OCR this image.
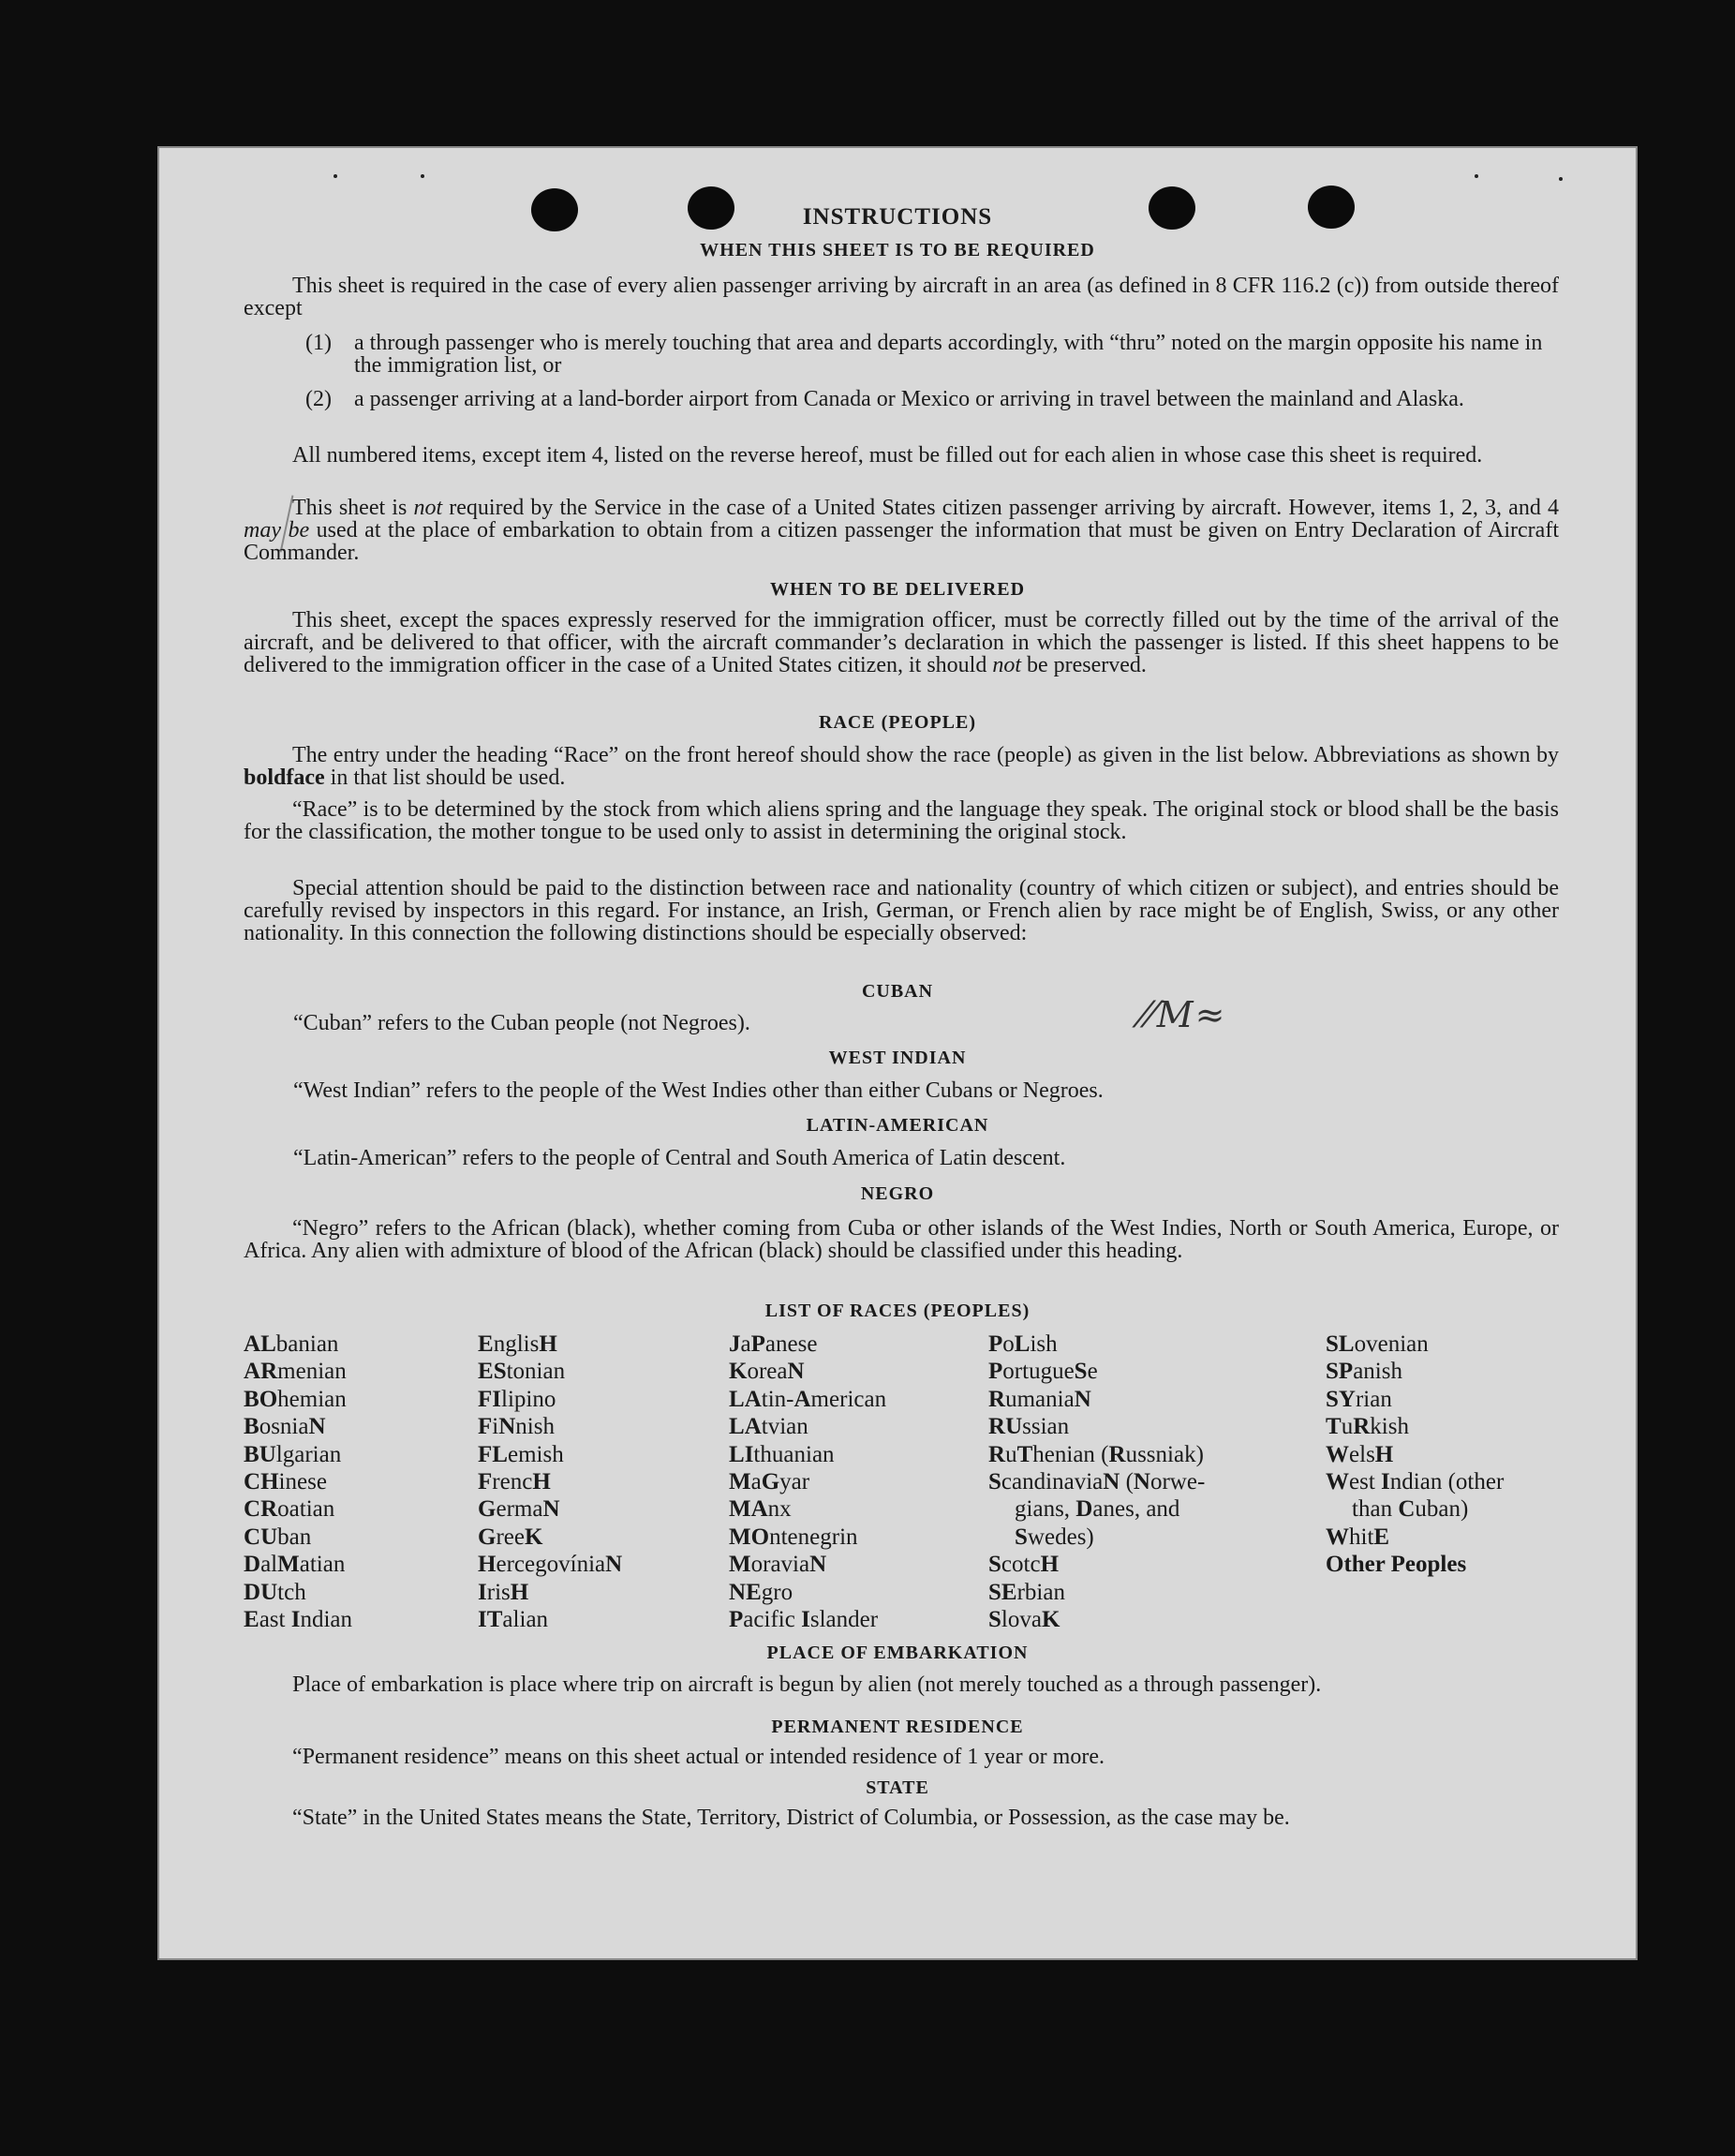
INSTRUCTIONS
WHEN THIS SHEET IS TO BE REQUIRED
This sheet is required in the case of every alien passenger arriving by aircraft in an area (as defined in 8 CFR 116.2 (c)) from outside thereof except
(1) a through passenger who is merely touching that area and departs accordingly, with “thru” noted on the margin opposite his name in the immigration list, or
(2) a passenger arriving at a land-border airport from Canada or Mexico or arriving in travel between the mainland and Alaska.
All numbered items, except item 4, listed on the reverse hereof, must be filled out for each alien in whose case this sheet is required.
This sheet is not required by the Service in the case of a United States citizen passenger arriving by aircraft. However, items 1, 2, 3, and 4 may be used at the place of embarkation to obtain from a citizen passenger the information that must be given on Entry Declaration of Aircraft Commander.
WHEN TO BE DELIVERED
This sheet, except the spaces expressly reserved for the immigration officer, must be correctly filled out by the time of the arrival of the aircraft, and be delivered to that officer, with the aircraft commander’s declaration in which the passenger is listed. If this sheet happens to be delivered to the immigration officer in the case of a United States citizen, it should not be preserved.
RACE (PEOPLE)
The entry under the heading “Race” on the front hereof should show the race (people) as given in the list below. Abbreviations as shown by boldface in that list should be used.
“Race” is to be determined by the stock from which aliens spring and the language they speak. The original stock or blood shall be the basis for the classification, the mother tongue to be used only to assist in determining the original stock.
Special attention should be paid to the distinction between race and nationality (country of which citizen or subject), and entries should be carefully revised by inspectors in this regard. For instance, an Irish, German, or French alien by race might be of English, Swiss, or any other nationality. In this connection the following distinctions should be especially observed:
CUBAN
“Cuban” refers to the Cuban people (not Negroes).	⁄⁄M≈
WEST INDIAN
“West Indian” refers to the people of the West Indies other than either Cubans or Negroes.
LATIN-AMERICAN
“Latin-American” refers to the people of Central and South America of Latin descent.
NEGRO
“Negro” refers to the African (black), whether coming from Cuba or other islands of the West Indies, North or South America, Europe, or Africa. Any alien with admixture of blood of the African (black) should be classified under this heading.
LIST OF RACES (PEOPLES)
ALbanian
ARmenian
BOhemian
BosniaN
BUlgarian
CHinese
CRoatian
CUban
DalMatian
DUtch
East Indian
EnglisH
EStonian
FIlipino
FiNnish
FLemish
FrencH
GermaN
GreeK
HercegovíniaN
IrisH
ITalian
JaPanese
KoreaN
LAtin-American
LAtvian
LIthuanian
MaGyar
MAnx
MOntenegrin
MoraviaN
NEgro
Pacific Islander
PoLish
PortuguеSe
RumaniaN
RUssian
RuThenian (Russniak)
ScandinaviaN (Norwe-
gians, Danes, and
Swedes)
ScotcH
SErbian
SlovaK
SLovenian
SPanish
SYrian
TuRkish
WelsH
West Indian (other
than Cuban)
WhitE
Other Peoples
PLACE OF EMBARKATION
Place of embarkation is place where trip on aircraft is begun by alien (not merely touched as a through passenger).
PERMANENT RESIDENCE
“Permanent residence” means on this sheet actual or intended residence of 1 year or more.
STATE
“State” in the United States means the State, Territory, District of Columbia, or Possession, as the case may be.
